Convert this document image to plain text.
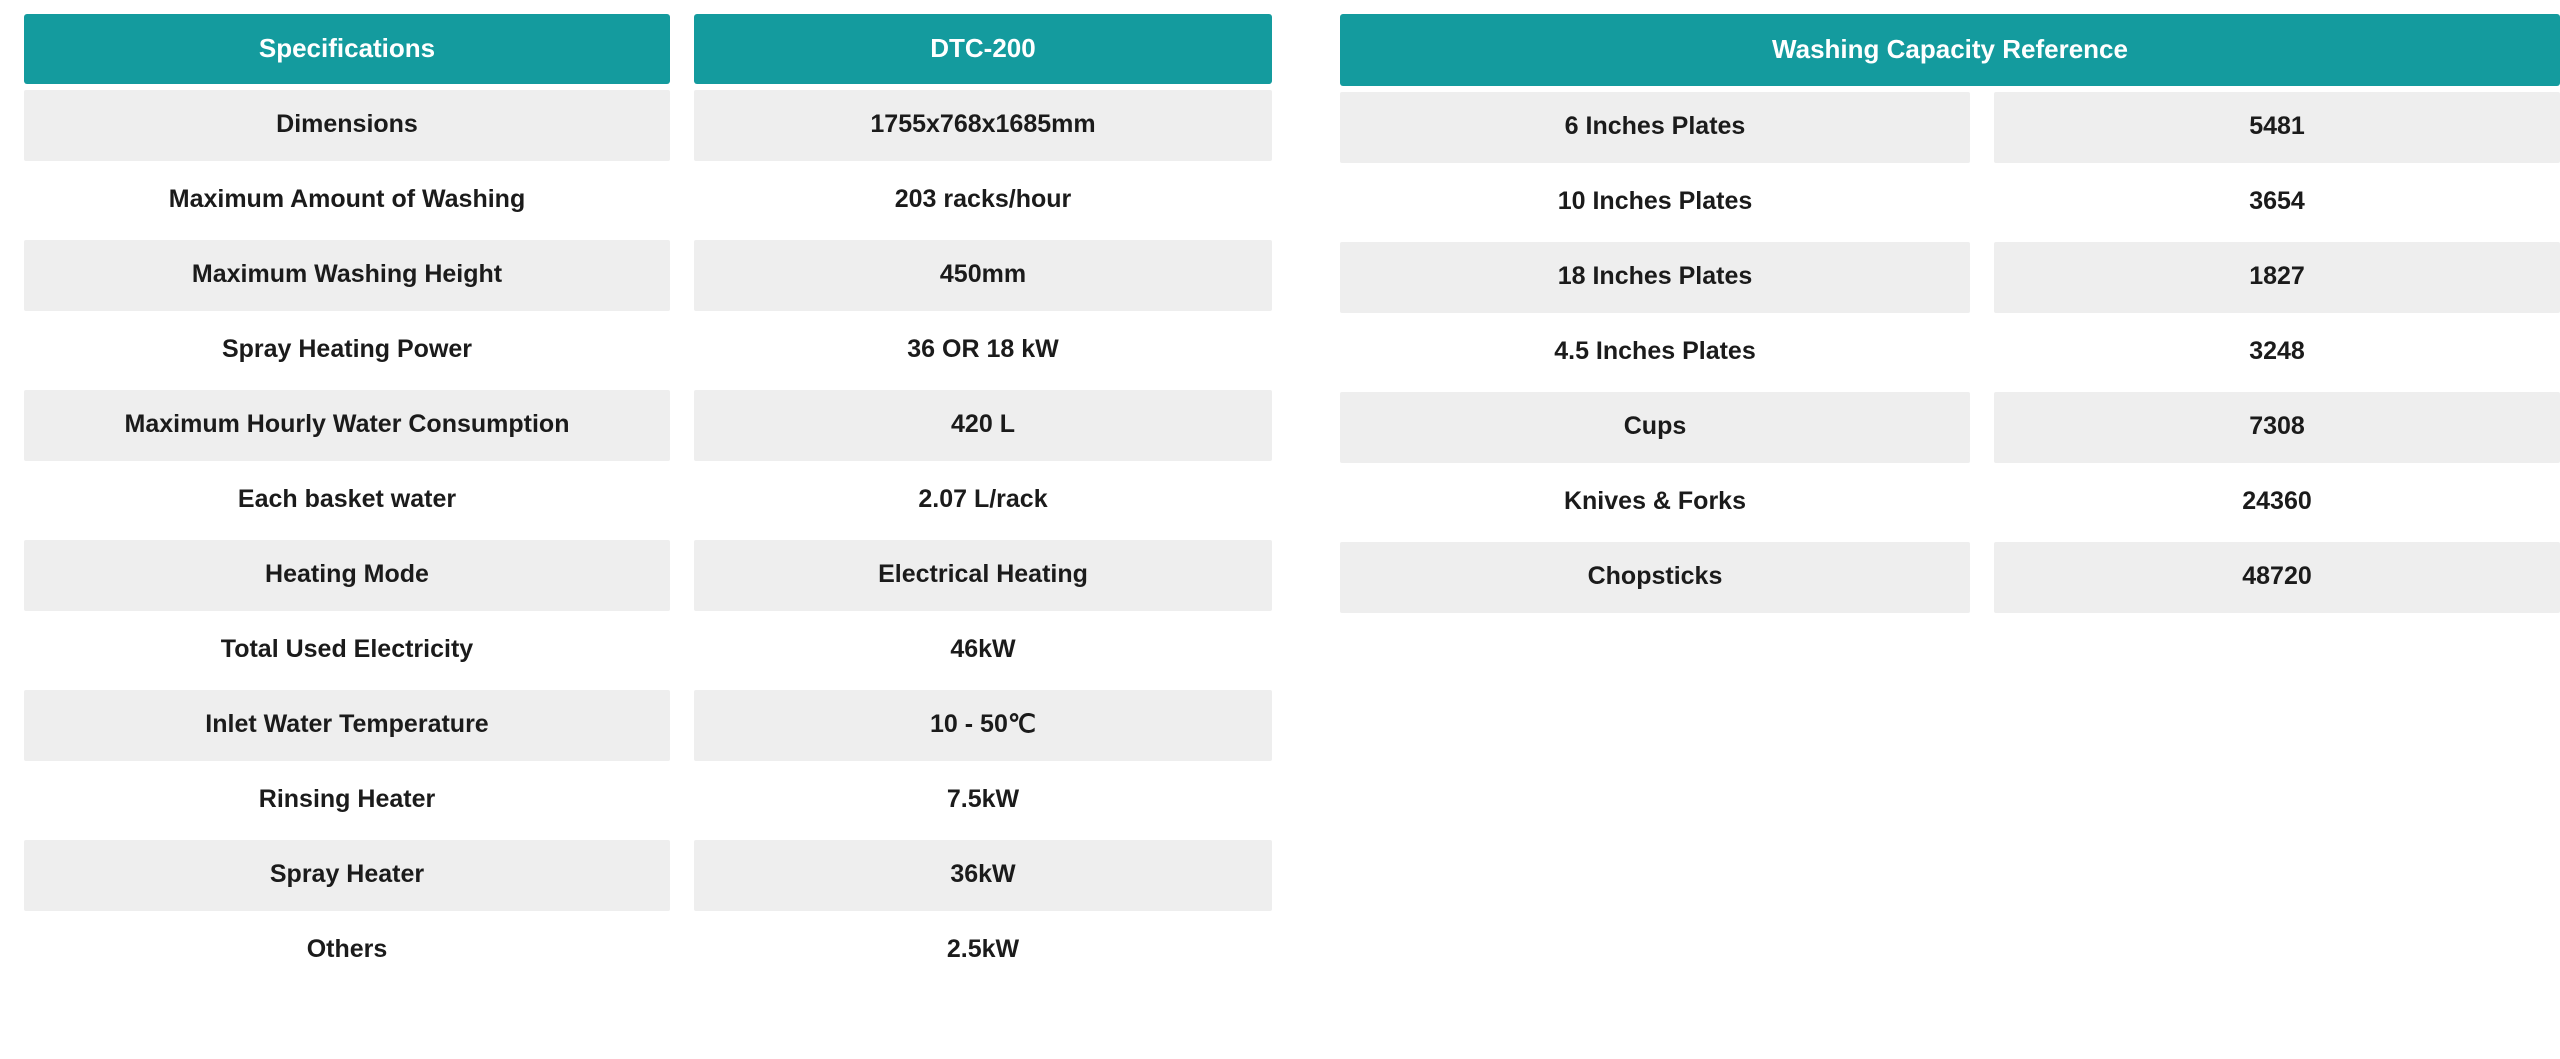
Specifications	DTC-200
Dimensions	1755x768x1685mm
Maximum Amount of Washing	203 racks/hour
Maximum Washing Height	450mm
Spray Heating Power	36 OR 18 kW
Maximum Hourly Water Consumption	420 L
Each basket water	2.07 L/rack
Heating Mode	Electrical Heating
Total Used Electricity	46kW
Inlet Water Temperature	10 - 50℃
Rinsing Heater	7.5kW
Spray Heater	36kW
Others	2.5kW
Washing Capacity Reference
6 Inches Plates	5481
10 Inches Plates	3654
18 Inches Plates	1827
4.5 Inches Plates	3248
Cups	7308
Knives & Forks	24360
Chopsticks	48720
